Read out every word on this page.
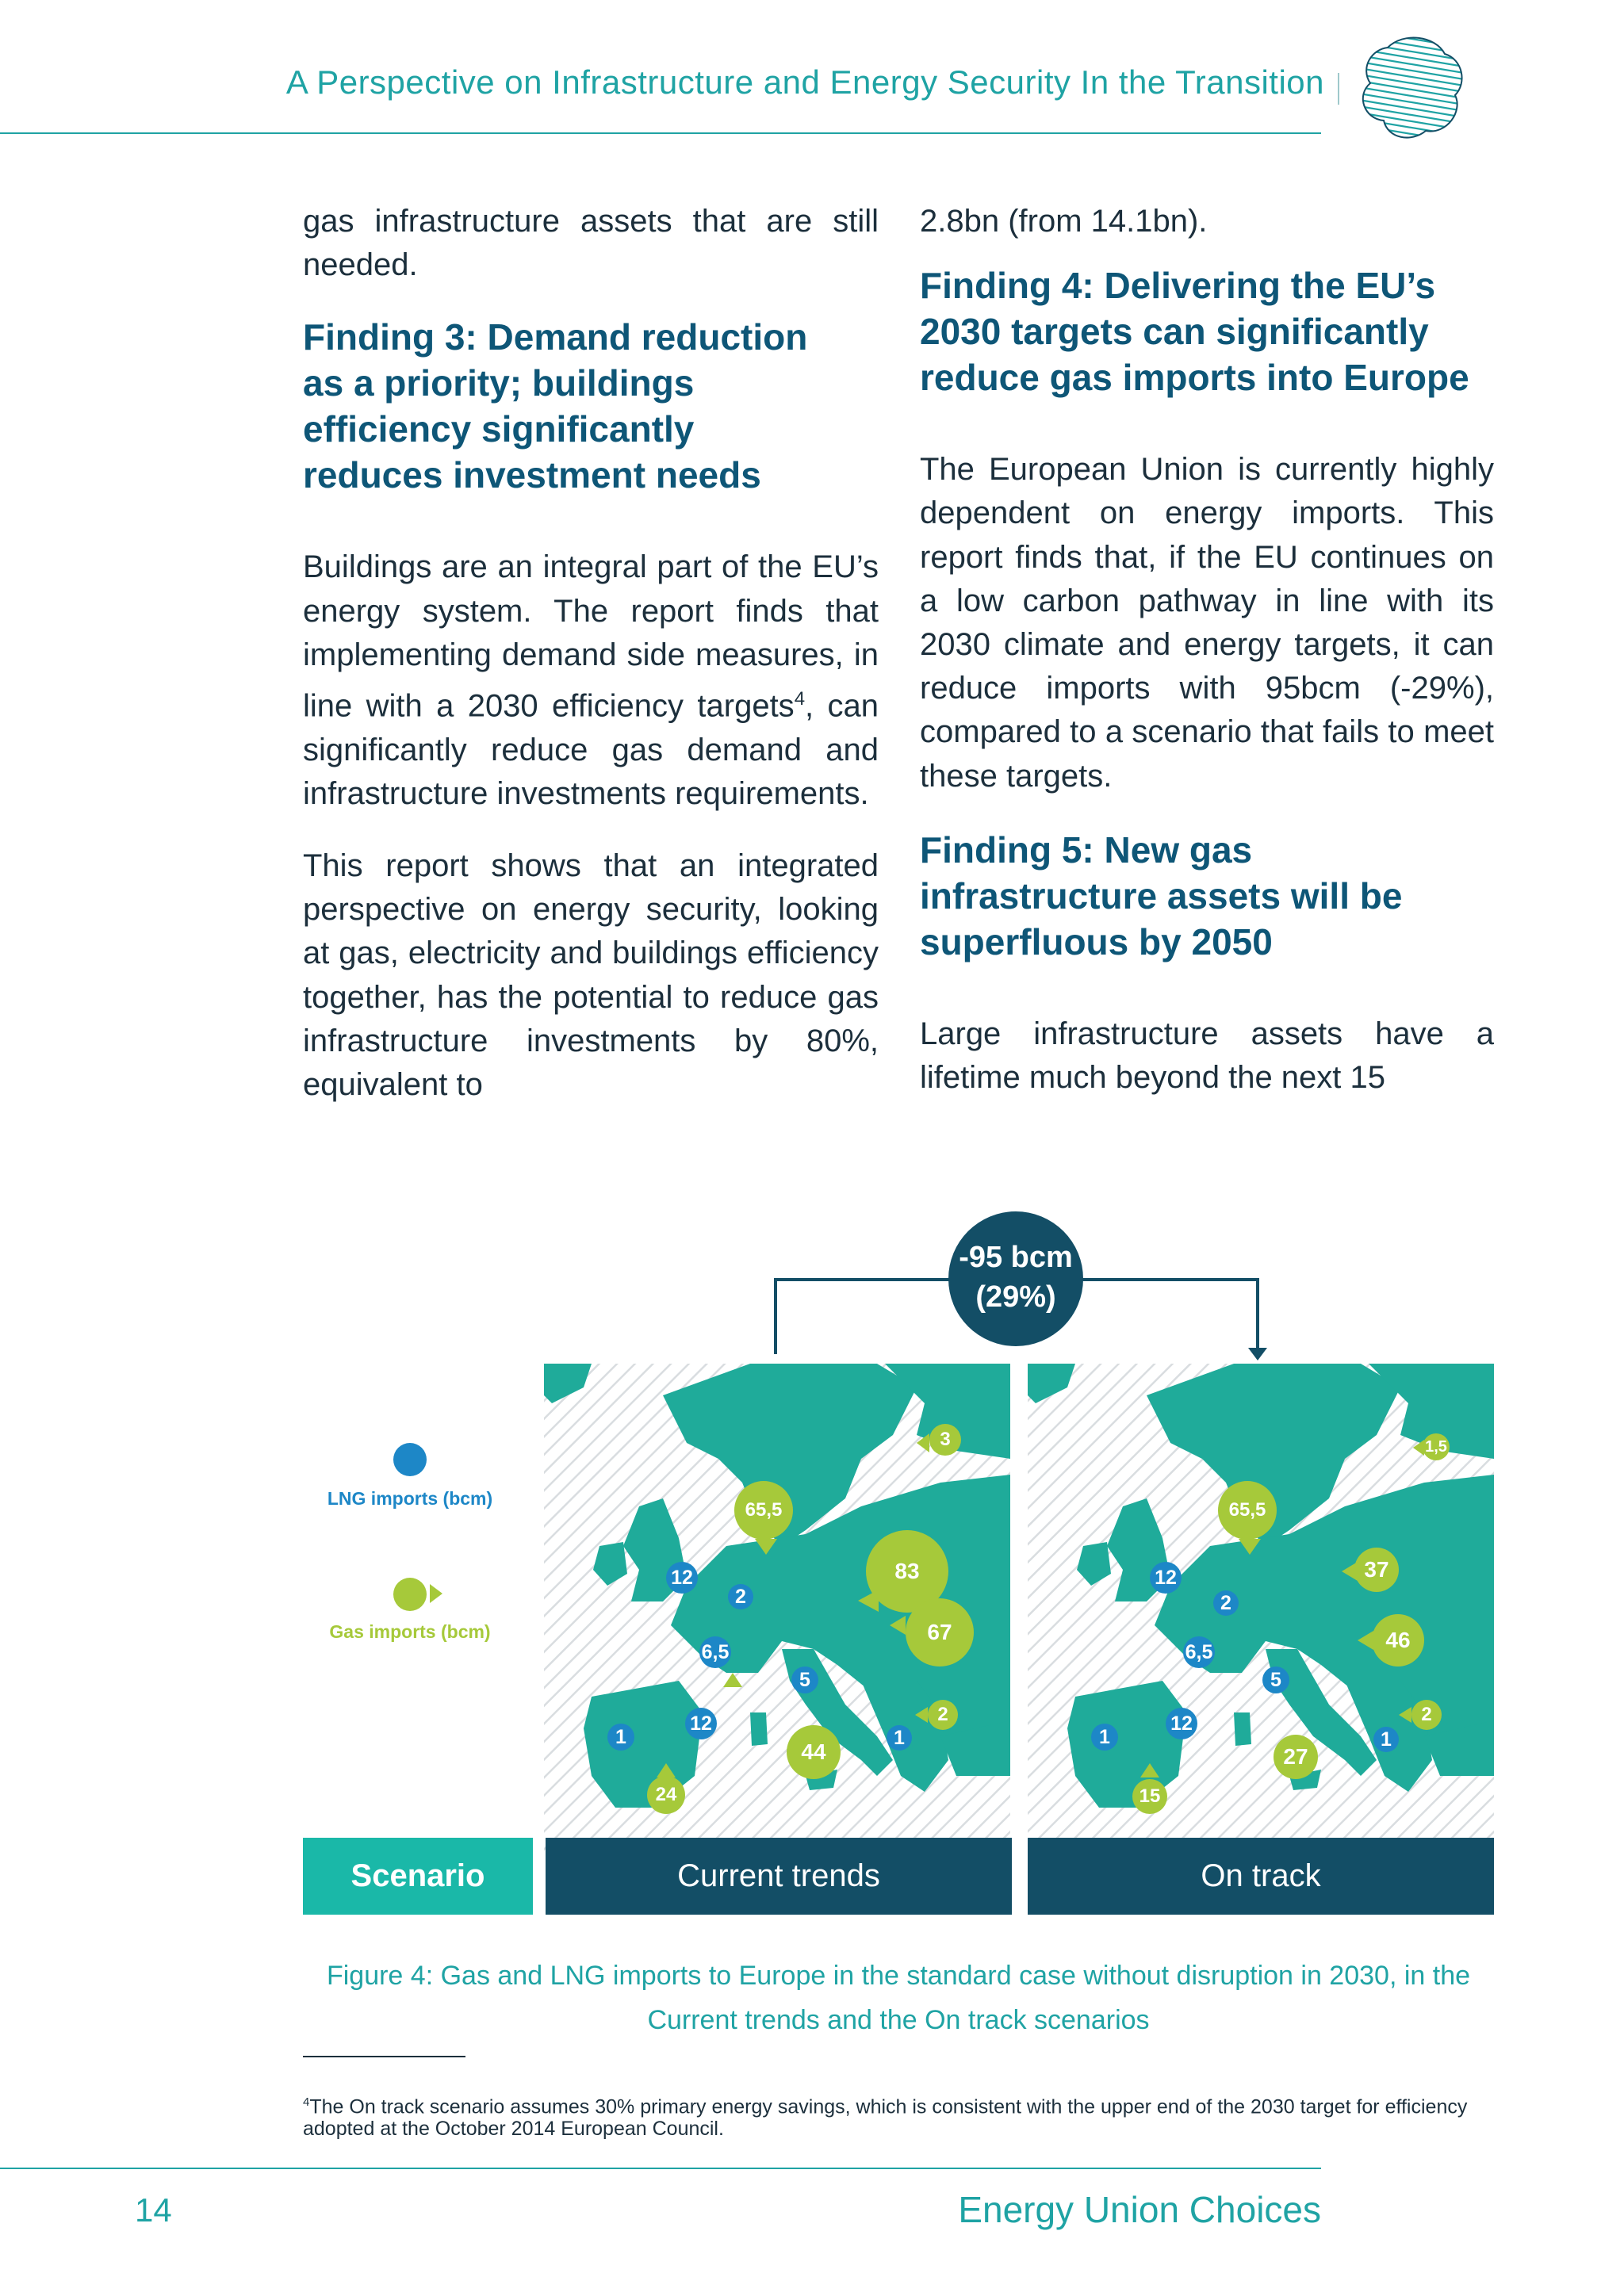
A Perspective on Infrastructure and Energy Security In the Transition

gas infrastructure assets that are still needed.

Finding 3: Demand reduction as a priority; buildings efficiency significantly reduces investment needs

Buildings are an integral part of the EU’s energy system. The report finds that implementing demand side measures, in line with a 2030 efficiency targets$^4$, can significantly reduce gas demand and infrastructure investments requirements.

This report shows that an integrated perspective on energy security, looking at gas, electricity and buildings efficiency together, has the potential to reduce gas infrastructure investments by 80%, equivalent to

2.8bn (from 14.1bn).

Finding 4: Delivering the EU’s 2030 targets can significantly reduce gas imports into Europe

The European Union is currently highly dependent on energy imports. This report finds that, if the EU continues on a low carbon pathway in line with its 2030 climate and energy targets, it can reduce imports with 95bcm (-29%), compared to a scenario that fails to meet these targets.

Finding 5: New gas infrastructure assets will be superfluous by 2050

Large infrastructure assets have a lifetime much beyond the next 15

-95 bcm
(29%)
LNG imports (bcm)
Gas imports (bcm)
3
65,5
83
67
2
44
24
12
2
6,5
5
12
1	1
1,5
65,5
37
46
2
27
15
12
2
6,5
5
12
1	1
Scenario	Current trends	On track
Figure 4: Gas and LNG imports to Europe in the standard case without disruption in 2030, in the Current trends and the On track scenarios
$^4$The On track scenario assumes 30% primary energy savings, which is consistent with the upper end of the 2030 target for efficiency adopted at the October 2014 European Council.
14	Energy Union Choices
